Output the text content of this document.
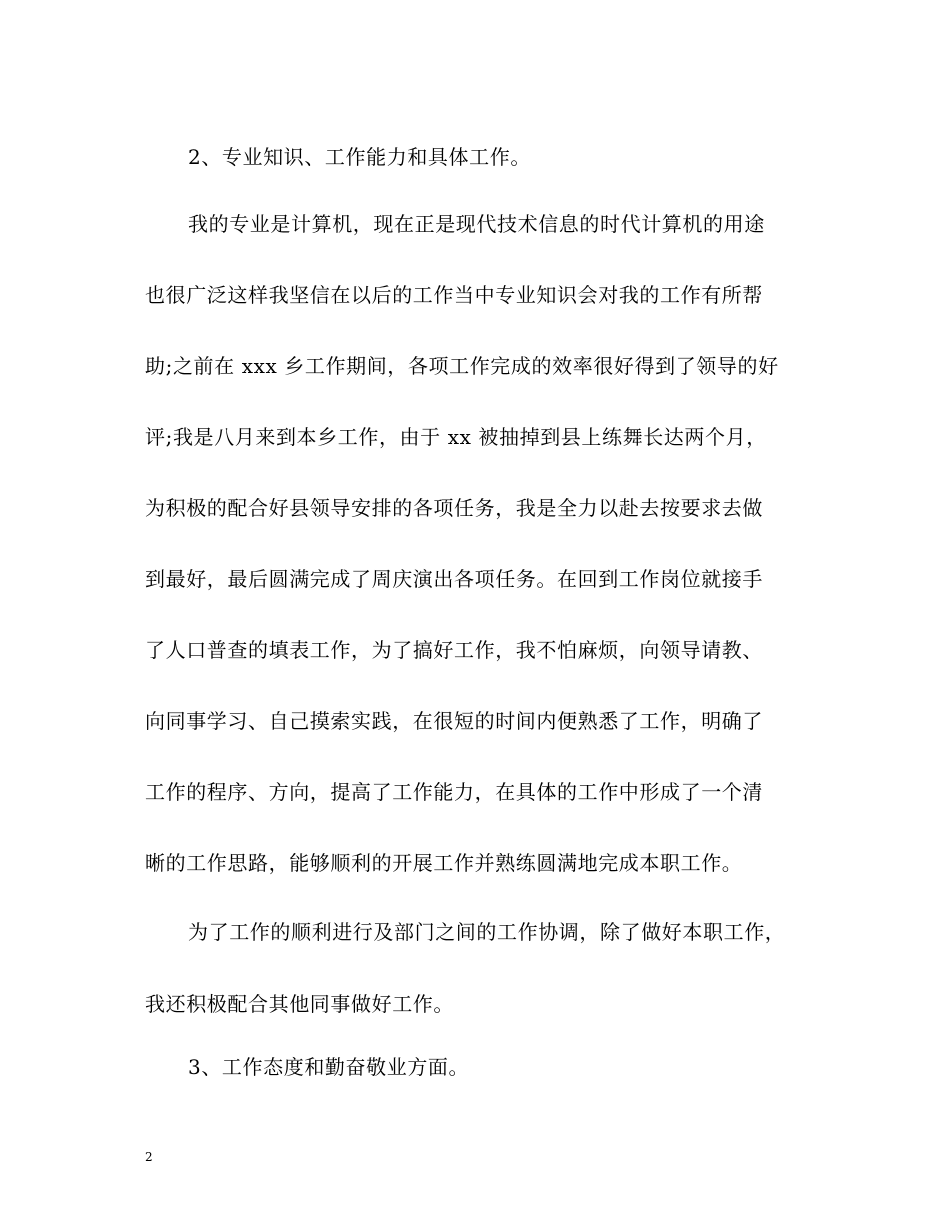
2、专业知识、工作能力和具体工作。
我的专业是计算机，现在正是现代技术信息的时代计算机的用途
也很广泛这样我坚信在以后的工作当中专业知识会对我的工作有所帮
助;之前在 xxx 乡工作期间，各项工作完成的效率很好得到了领导的好
评;我是八月来到本乡工作，由于 xx 被抽掉到县上练舞长达两个月，
为积极的配合好县领导安排的各项任务，我是全力以赴去按要求去做
到最好，最后圆满完成了周庆演出各项任务。在回到工作岗位就接手
了人口普查的填表工作，为了搞好工作，我不怕麻烦，向领导请教、
向同事学习、自己摸索实践，在很短的时间内便熟悉了工作，明确了
工作的程序、方向，提高了工作能力，在具体的工作中形成了一个清
晰的工作思路，能够顺利的开展工作并熟练圆满地完成本职工作。
为了工作的顺利进行及部门之间的工作协调，除了做好本职工作，
我还积极配合其他同事做好工作。
3、工作态度和勤奋敬业方面。
2
